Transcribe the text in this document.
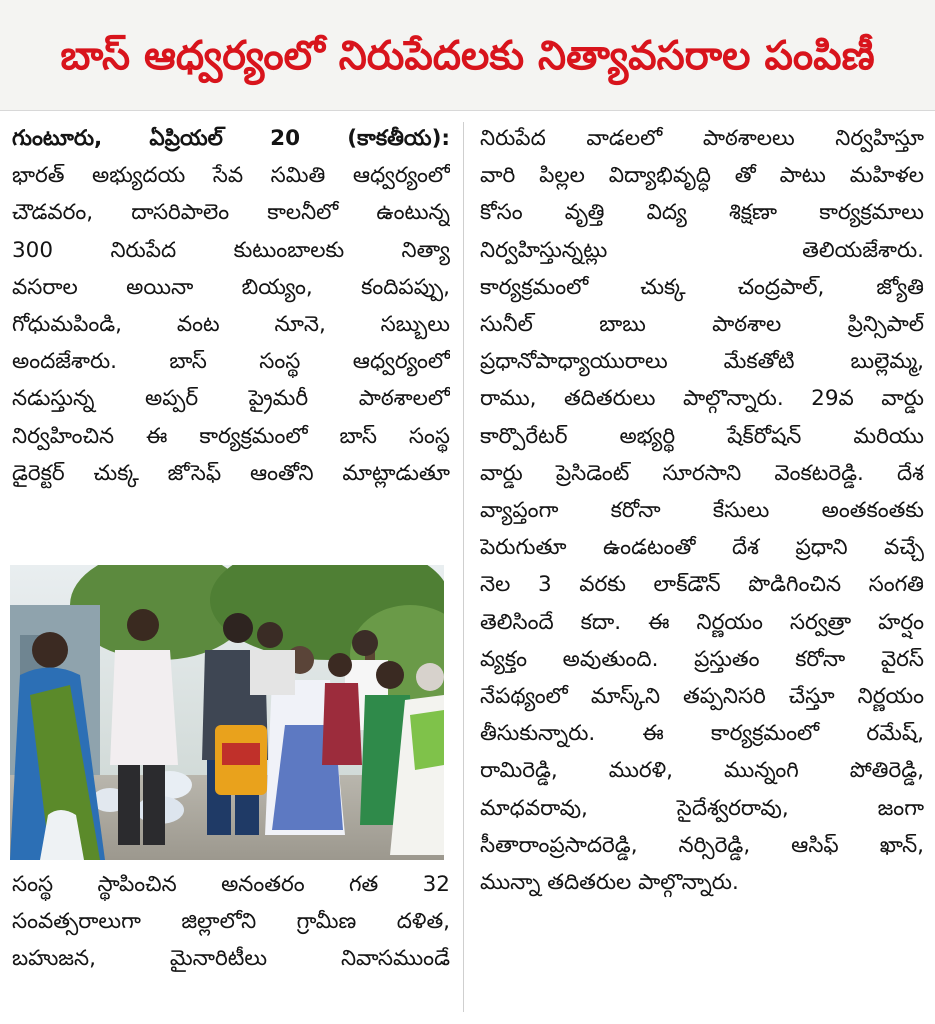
బాస్ ఆధ్వర్యంలో నిరుపేదలకు నిత్యావసరాల పంపిణీ
గుంటూరు, ఏప్రియల్ 20 (కాకతీయ):
భారత్ అభ్యుదయ సేవ సమితి ఆధ్వర్యంలో
చౌడవరం, దాసరిపాలెం కాలనీలో ఉంటున్న
300 నిరుపేద కుటుంబాలకు నిత్యా
వసరాల అయినా బియ్యం, కందిపప్పు,
గోధుమపిండి, వంట నూనె, సబ్బులు
అందజేశారు. బాస్ సంస్థ ఆధ్వర్యంలో
నడుస్తున్న అప్పర్ ప్రైమరీ పాఠశాలలో
నిర్వహించిన ఈ కార్యక్రమంలో బాస్ సంస్థ
డైరెక్టర్ చుక్క జోసెఫ్ ఆంతోని మాట్లాడుతూ
సంస్థ స్థాపించిన అనంతరం గత 32
సంవత్సరాలుగా జిల్లాలోని గ్రామీణ దళిత,
బహుజన, మైనారిటీలు నివాసముండే
నిరుపేద వాడలలో పాఠశాలలు నిర్వహిస్తూ
వారి పిల్లల విద్యాభివృద్ధి తో పాటు మహిళల
కోసం వృత్తి విద్య శిక్షణా కార్యక్రమాలు
నిర్వహిస్తున్నట్లు తెలియజేశారు.
కార్యక్రమంలో చుక్క చంద్రపాల్, జ్యోతి
సునీల్ బాబు పాఠశాల ప్రిన్సిపాల్
ప్రధానోపాధ్యాయురాలు మేకతోటి బుల్లెమ్మ,
రాము, తదితరులు పాల్గొన్నారు. 29వ వార్డు
కార్పొరేటర్ అభ్యర్థి షేక్‌రోషన్ మరియు
వార్డు ప్రెసిడెంట్ సూరసాని వెంకటరెడ్డి. దేశ
వ్యాప్తంగా కరోనా కేసులు అంతకంతకు
పెరుగుతూ ఉండటంతో దేశ ప్రధాని వచ్చే
నెల 3 వరకు లాక్‌డౌన్ పొడిగించిన సంగతి
తెలిసిందే కదా. ఈ నిర్ణయం సర్వత్రా హర్షం
వ్యక్తం అవుతుంది. ప్రస్తుతం కరోనా వైరస్
నేపథ్యంలో మాస్క్‌ని తప్పనిసరి చేస్తూ నిర్ణయం
తీసుకున్నారు. ఈ కార్యక్రమంలో రమేష్,
రామిరెడ్డి, మురళి, మున్నంగి పోతిరెడ్డి,
మాధవరావు, సైదేశ్వరరావు, జంగా
సీతారాంప్రసాదరెడ్డి, నర్సిరెడ్డి, ఆసిఫ్ ఖాన్,
మున్నా తదితరుల పాల్గొన్నారు.
